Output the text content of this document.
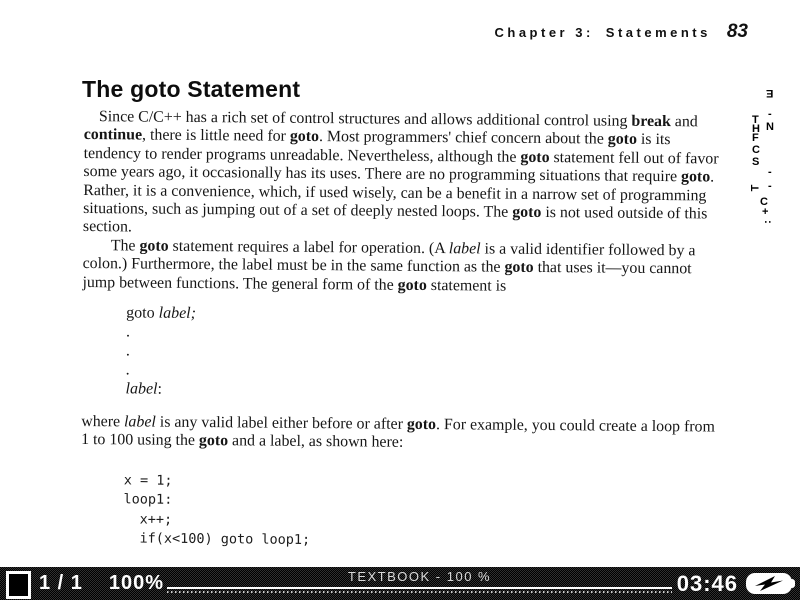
Chapter 3: Statements 83
The goto Statement

Since C/C++ has a rich set of control structures and allows additional control using break and continue, there is little need for goto. Most programmers' chief concern about the goto is its tendency to render programs unreadable. Nevertheless, although the goto statement fell out of favor some years ago, it occasionally has its uses. There are no programming situations that require goto. Rather, it is a convenience, which, if used wisely, can be a benefit in a narrow set of programming situations, such as jumping out of a set of deeply nested loops. The goto is not used outside of this section.

The goto statement requires a label for operation. (A label is a valid identifier followed by a colon.) Furthermore, the label must be in the same function as the goto that uses it—you cannot jump between functions. The general form of the goto statement is

goto label;
.
.
.
label:

where label is any valid label either before or after goto. For example, you could create a loop from 1 to 100 using the goto and a label, as shown here:

x = 1;
loop1:
x++;
if(x<100) goto loop1;
E
-
N
T
H
F
C
S
-
-
T
C
+
:
1 / 1 100%	TEXTBOOK - 100 %	03:46
